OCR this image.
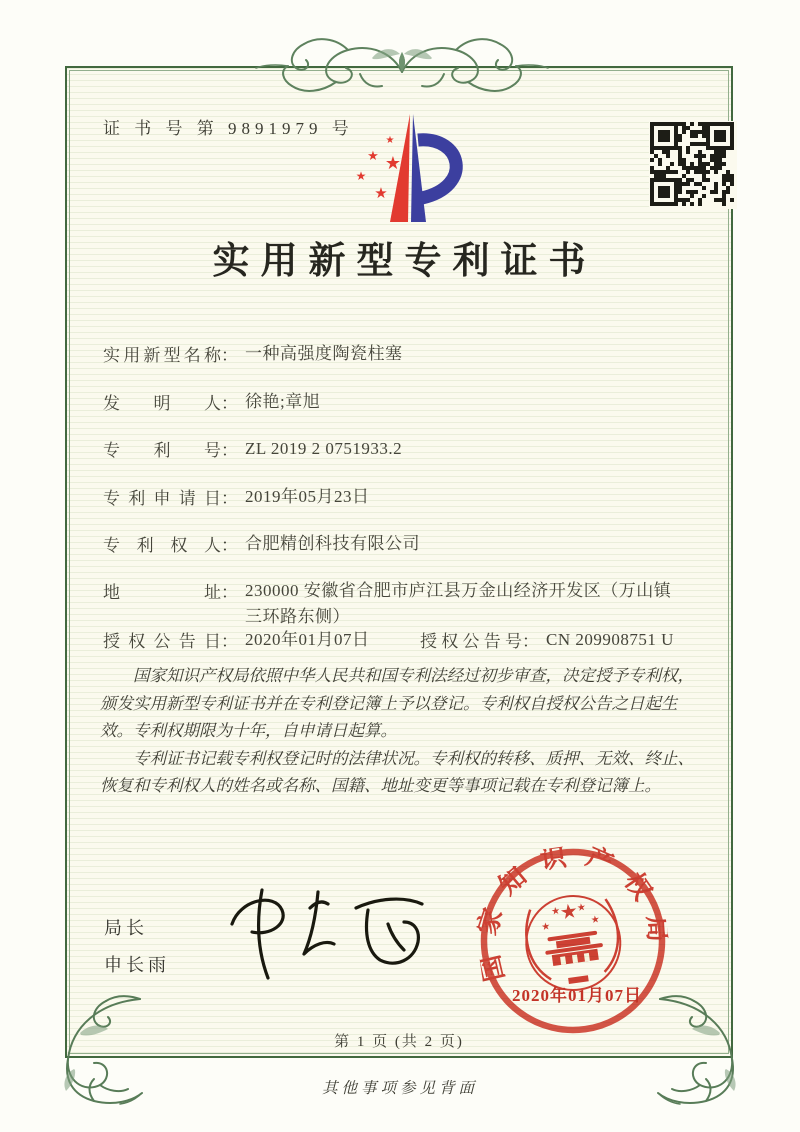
证 书 号 第 9891979 号
★
★ ★
★
★
实用新型专利证书
实用新型名称 ： 一种高强度陶瓷柱塞
发明人 ： 徐艳;章旭
专利号 ： ZL 2019 2 0751933.2
专利申请日 ： 2019年05月23日
专利权人 ： 合肥精创科技有限公司
地址 ： 230000 安徽省合肥市庐江县万金山经济开发区（万山镇三环路东侧）
授权公告日 ： 2020年01月07日	授权公告号 ： CN 209908751 U

国家知识产权局依照中华人民共和国专利法经过初步审查，决定授予专利权，颁发实用新型专利证书并在专利登记簿上予以登记。专利权自授权公告之日起生效。专利权期限为十年，自申请日起算。

专利证书记载专利权登记时的法律状况。专利权的转移、质押、无效、终止、恢复和专利权人的姓名或名称、国籍、地址变更等事项记载在专利登记簿上。

局长
申长雨	国家知识产权局
★
★
★ ★
★
2020年01月07日
第 1 页 (共 2 页)
其他事项参见背面
